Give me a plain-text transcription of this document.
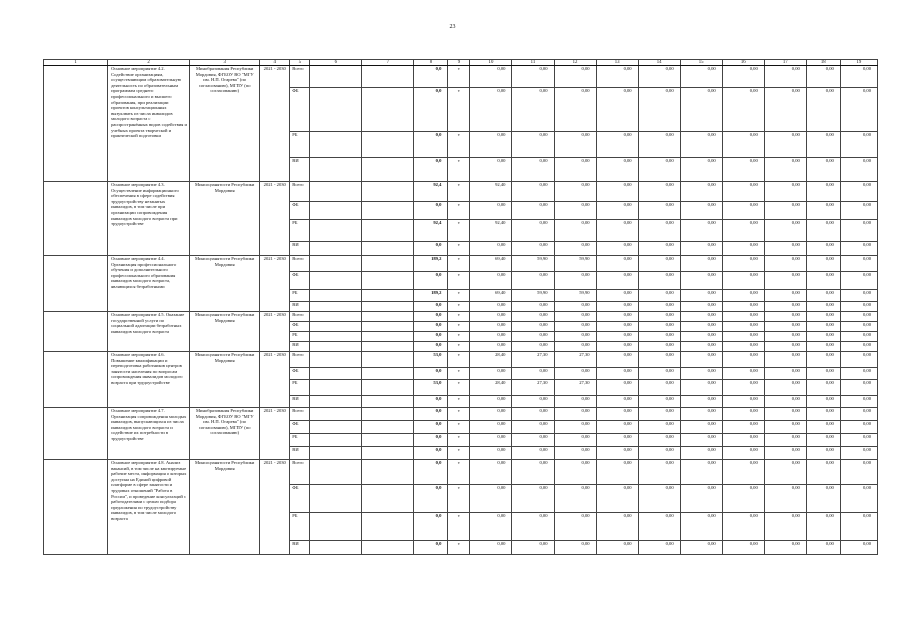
23
1	2	3	4	5	6	7	8	9	10	11	12	13	14	15	16	17	18	19
	Основное мероприятие 4.2. Содействие организациям, осуществляющим образовательную деятельность по образовательным программам среднего профессионального и высшего образования, при реализации проектов консультационных вызуклвать из числа инвалидов молодого возраста с распространённых видов содействия и учебных проекта творческой и практической подготовки	Минобразования Республики Мордовия, ФГБОУ ВО "МГУ им. Н.П. Огарева" (по согласованию), МГПУ (по согласованию)	2021 - 2030	Всего			0,0	т	0,00	0,00	0,00	0,00	0,00	0,00	0,00	0,00	0,00	0,00
				ФБ			0,0	т	0,00	0,00	0,00	0,00	0,00	0,00	0,00	0,00	0,00	0,00
				РБ			0,0	т	0,00	0,00	0,00	0,00	0,00	0,00	0,00	0,00	0,00	0,00
				ВИ			0,0	т	0,00	0,00	0,00	0,00	0,00	0,00	0,00	0,00	0,00	0,00
	Основное мероприятие 4.3. Осуществление информационного обеспечения в сфере содействия трудоустройству незанятых инвалидов, в том числе при организации сопровождения инвалидов молодого возраста при трудоустройстве	Минсоцзанятости Республики Мордовия	2021 - 2030	Всего			92,4	т	92,40	0,00	0,00	0,00	0,00	0,00	0,00	0,00	0,00	0,00
				ФБ			0,0	т	0,00	0,00	0,00	0,00	0,00	0,00	0,00	0,00	0,00	0,00
				РБ			92,4	т	92,40	0,00	0,00	0,00	0,00	0,00	0,00	0,00	0,00	0,00
				ВИ			0,0	т	0,00	0,00	0,00	0,00	0,00	0,00	0,00	0,00	0,00	0,00
	Основное мероприятие 4.4. Организация профессионального обучения и дополнительного профессионального образования инвалидов молодого возраста, являющихся безработными	Минсоцзанятости Республики Мордовия	2021 - 2030	Всего			189,2	т	69,40	59,90	59,90	0,00	0,00	0,00	0,00	0,00	0,00	0,00
				ФБ			0,0	т	0,00	0,00	0,00	0,00	0,00	0,00	0,00	0,00	0,00	0,00
				РБ			189,2	т	69,40	59,90	59,90	0,00	0,00	0,00	0,00	0,00	0,00	0,00
				ВИ			0,0	т	0,00	0,00	0,00	0,00	0,00	0,00	0,00	0,00	0,00	0,00
	Основное мероприятие 4.5. Оказание государственной услуги по социальной адаптации безработных инвалидов молодого возраста	Минсоцзанятости Республики Мордовия	2021 - 2030	Всего			0,0	т	0,00	0,00	0,00	0,00	0,00	0,00	0,00	0,00	0,00	0,00
				ФБ			0,0	т	0,00	0,00	0,00	0,00	0,00	0,00	0,00	0,00	0,00	0,00
				РБ			0,0	т	0,00	0,00	0,00	0,00	0,00	0,00	0,00	0,00	0,00	0,00
				ВИ			0,0	т	0,00	0,00	0,00	0,00	0,00	0,00	0,00	0,00	0,00	0,00
	Основное мероприятие 4.6. Повышение квалификации и переподготовка работников центров занятости населения по вопросам сопровождения инвалидов молодого возраста при трудоустройстве	Минсоцзанятости Республики Мордовия	2021 - 2030	Всего			53,0	т	28,40	27,30	27,30	0,00	0,00	0,00	0,00	0,00	0,00	0,00
				ФБ			0,0	т	0,00	0,00	0,00	0,00	0,00	0,00	0,00	0,00	0,00	0,00
				РБ			53,0	т	28,40	27,30	27,30	0,00	0,00	0,00	0,00	0,00	0,00	0,00
				ВИ			0,0	т	0,00	0,00	0,00	0,00	0,00	0,00	0,00	0,00	0,00	0,00
	Основное мероприятие 4.7. Организация сопровождения молодых инвалидов, выпускающихся из числа инвалидов молодого возраста и содействие их потребности в трудоустройстве	Минобразования Республики Мордовия, ФГБОУ ВО "МГУ им. Н.П. Огарева" (по согласованию), МГПУ (по согласованию)	2021 - 2030	Всего			0,0	т	0,00	0,00	0,00	0,00	0,00	0,00	0,00	0,00	0,00	0,00
				ФБ			0,0	т	0,00	0,00	0,00	0,00	0,00	0,00	0,00	0,00	0,00	0,00
				РБ			0,0	т	0,00	0,00	0,00	0,00	0,00	0,00	0,00	0,00	0,00	0,00
				ВИ			0,0	т	0,00	0,00	0,00	0,00	0,00	0,00	0,00	0,00	0,00	0,00
	Основное мероприятие 4.8. Анализ вакансий, в том числе на квотируемые рабочие места, информация о которых доступна на Единой цифровой платформе в сфере занятости и трудовых отношений "Работа в России", и проведение консультаций с работодателями с целью подбора предложения по трудоустройству инвалидов, в том числе молодого возраста	Минсоцзанятости Республики Мордовия	2021 - 2030	Всего			0,0	т	0,00	0,00	0,00	0,00	0,00	0,00	0,00	0,00	0,00	0,00
				ФБ			0,0	т	0,00	0,00	0,00	0,00	0,00	0,00	0,00	0,00	0,00	0,00
				РБ			0,0	т	0,00	0,00	0,00	0,00	0,00	0,00	0,00	0,00	0,00	0,00
				ВИ			0,0	т	0,00	0,00	0,00	0,00	0,00	0,00	0,00	0,00	0,00	0,00
